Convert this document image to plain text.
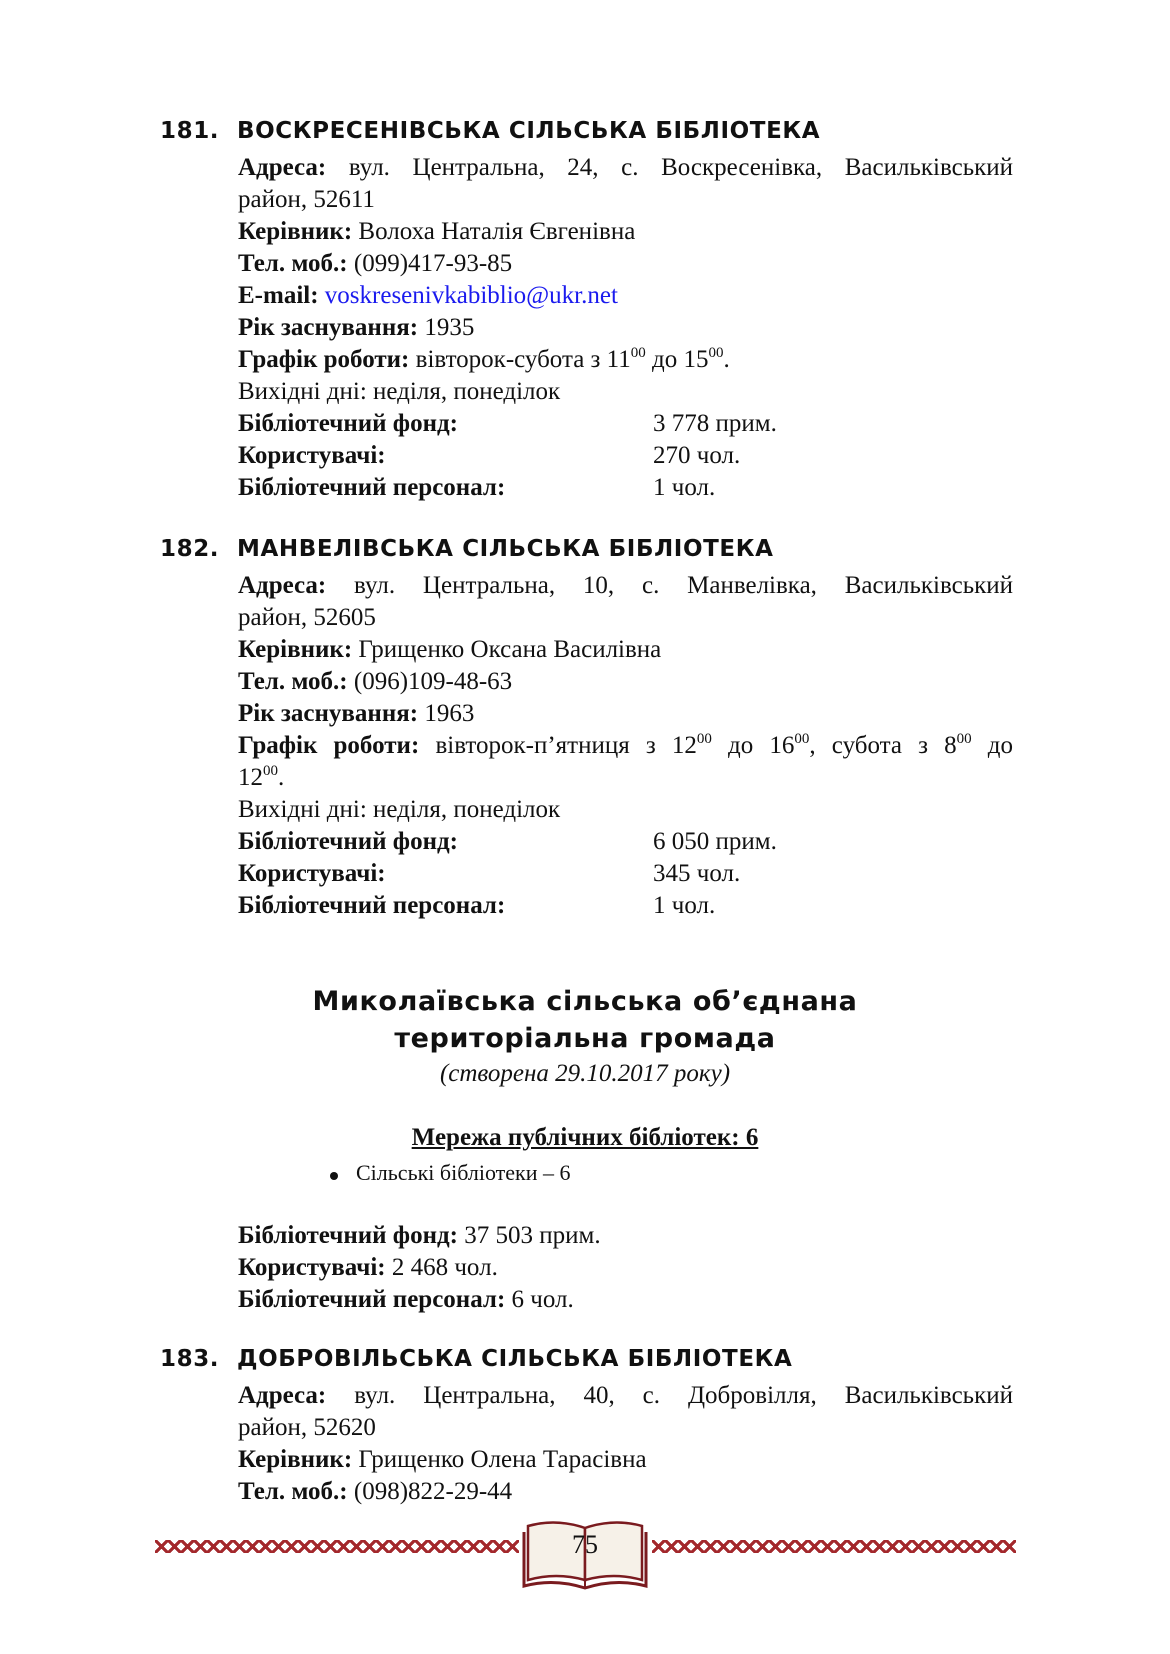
181. ВОСКРЕСЕНІВСЬКА СІЛЬСЬКА БІБЛІОТЕКА
Адреса: вул. Центральна, 24, с. Воскресенівка, Васильківський
район, 52611
Керівник: Волоха Наталія Євгенівна
Тел. моб.: (099)417-93-85
E-mail: voskresenivkabiblio@ukr.net
Рік заснування: 1935
Графік роботи: вівторок-субота з $11^{00}$ до $15^{00}$.
Вихідні дні: неділя, понеділок
Бібліотечний фонд:	3 778 прим.
Користувачі:	270 чол.
Бібліотечний персонал:	1 чол.
182. МАНВЕЛІВСЬКА СІЛЬСЬКА БІБЛІОТЕКА
Адреса: вул. Центральна, 10, с. Манвелівка, Васильківський
район, 52605
Керівник: Грищенко Оксана Василівна
Тел. моб.: (096)109-48-63
Рік заснування: 1963
Графік роботи: вівторок-п’ятниця з $12^{00}$ до $16^{00}$, субота з $8^{00}$ до
$12^{00}$.
Вихідні дні: неділя, понеділок
Бібліотечний фонд:	6 050 прим.
Користувачі:	345 чол.
Бібліотечний персонал:	1 чол.
Миколаївська сільська об’єднана
територіальна громада
(створена 29.10.2017 року)
Мережа публічних бібліотек: 6
Сільські бібліотеки – 6
Бібліотечний фонд: 37 503 прим.
Користувачі: 2 468 чол.
Бібліотечний персонал: 6 чол.
183. ДОБРОВІЛЬСЬКА СІЛЬСЬКА БІБЛІОТЕКА
Адреса: вул. Центральна, 40, с. Добровілля, Васильківський
район, 52620
Керівник: Грищенко Олена Тарасівна
Тел. моб.: (098)822-29-44
75
